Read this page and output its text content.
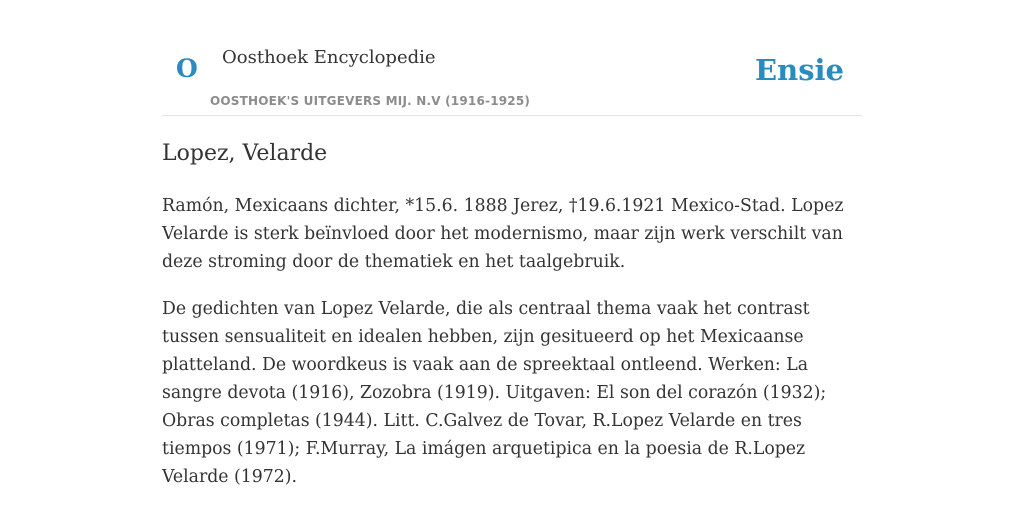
O Oosthoek Encyclopedie
OOSTHOEK'S UITGEVERS MIJ. N.V (1916-1925)
Ensie
Lopez, Velarde

Ramón, Mexicaans dichter, *15.6. 1888 Jerez, †19.6.1921 Mexico-Stad. Lopez Velarde is sterk beïnvloed door het modernismo, maar zijn werk verschilt van deze stroming door de thematiek en het taalgebruik.

De gedichten van Lopez Velarde, die als centraal thema vaak het contrast tussen sensualiteit en idealen hebben, zijn gesitueerd op het Mexicaanse platteland. De woordkeus is vaak aan de spreektaal ontleend. Werken: La sangre devota (1916), Zozobra (1919). Uitgaven: El son del corazón (1932); Obras completas (1944). Litt. C.Galvez de Tovar, R.Lopez Velarde en tres tiempos (1971); F.Murray, La imágen arquetipica en la poesia de R.Lopez Velarde (1972).
